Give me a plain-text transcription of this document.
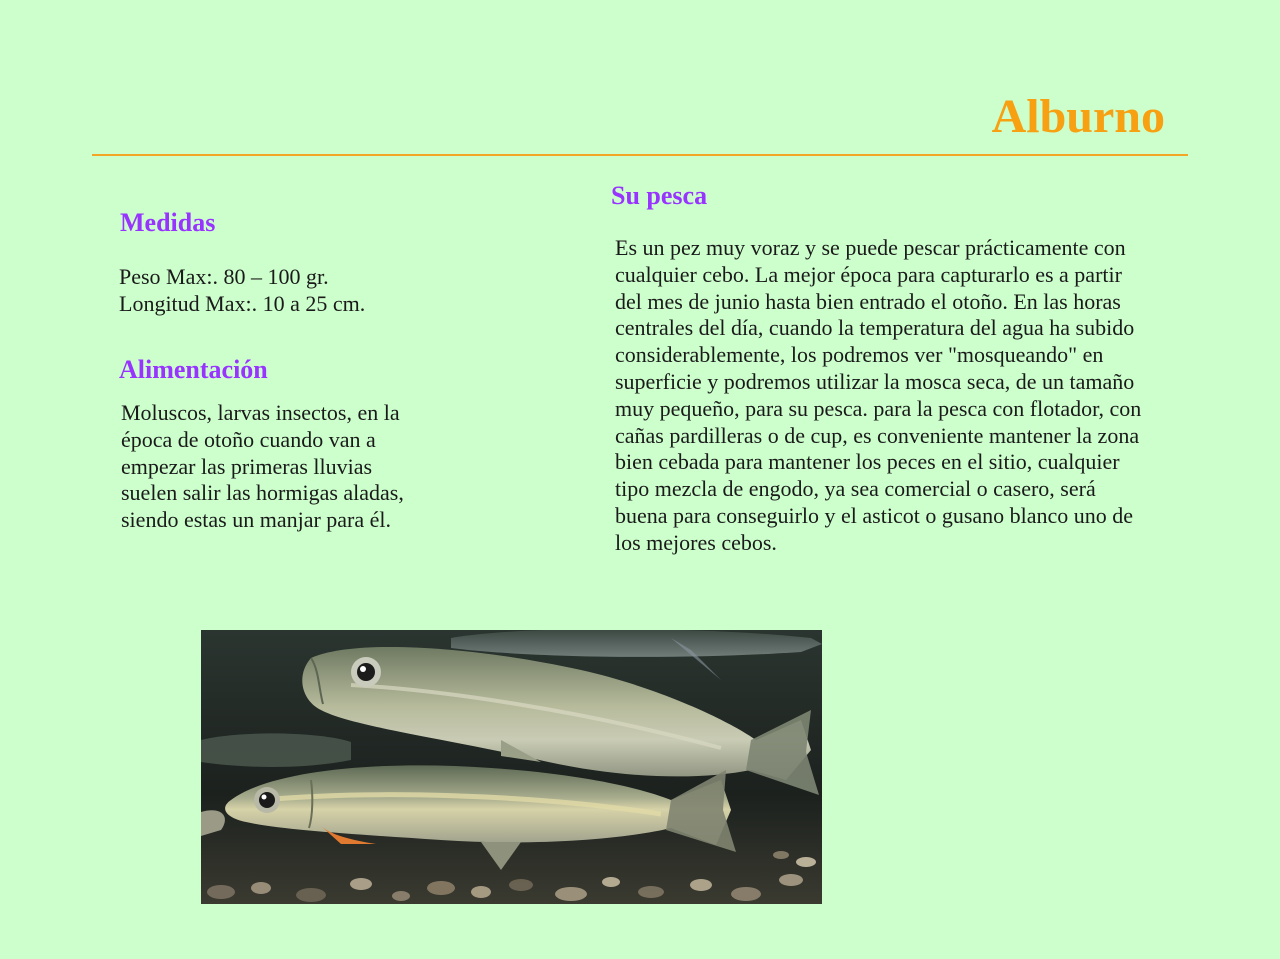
Alburno
Medidas
Peso Max:. 80 – 100 gr.
Longitud Max:. 10 a 25 cm.
Alimentación
Moluscos, larvas insectos, en la
época de otoño cuando van a
empezar las primeras lluvias
suelen salir las hormigas aladas,
siendo estas un manjar para él.
Su pesca
Es un pez muy voraz y se puede pescar prácticamente con
cualquier cebo. La mejor época para capturarlo es a partir
del mes de junio hasta bien entrado el otoño. En las horas
centrales del día, cuando la temperatura del agua ha subido
considerablemente, los podremos ver "mosqueando" en
superficie y podremos utilizar la mosca seca, de un tamaño
muy pequeño, para su pesca. para la pesca con flotador, con
cañas pardilleras o de cup, es conveniente mantener la zona
bien cebada para mantener los peces en el sitio, cualquier
tipo mezcla de engodo, ya sea comercial o casero, será
buena para conseguirlo y el asticot o gusano blanco uno de
los mejores cebos.
